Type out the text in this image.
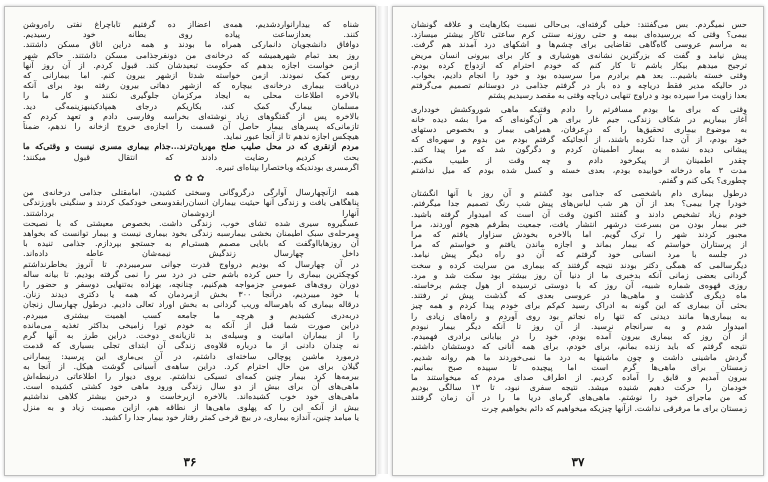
شناه که بیدارانواردشدیم، همه‌ی اعضااز ده گرفتیم تاباچراغ نفتی راه‌روشن
کنند. بعدازساعت پیاده روی بطانه خود رسیدیم.
دوافاق دانشجویان دانمارکی همراه ما بودند و همه دراین اتاق مسکن داشتند.
روز بعد تمام شهرهمیشه که درخانه‌ی من دونفرجذامی مسکن داشتند. حاکم شهر
ازمن خواست اجازه بدهم که حکومت تبعیدشان کند. قبول کردم. از آن روز آنها
روس کمک نمودند. ازمن خواسته شدتا ازشهر بیرون کنم. اما بیمارانی که
دریافت بیماری درخانه‌ی بیچاره که ازشهر دهاتی بیرون رفته بود برای آنکه
بالاخره اطلاعات محلی به ایجاد مرکزمان جلوگیری نکنند و کار ما را
مسلمان بیمارگ کمک کند، بکاریکم درجای همپادکینبهزینمه‌گی دید.
بالاخره پس از گفتگوهای زیاد نوشته‌ای بخراسه وفارسی دادم و تعهد کردم که
تازمانی‌که پسرهای بیمار حاصل آن قسمت را اجازه‌ی خروج ازخانه را ندهم، ضمناً
هیچکس اجازه ندهم تا از آنجا عبور نماید.
مردم ازنقری که در محل صلیب صلح مهربان‌ترند...جذام بیماری مسری نیست و وقتی‌که ما
بحث کردیم رضایت دادند که انتقال قبول میکنند؛
اگرمسری بودندیکه وباختصارا بپناه‌ای تبیره.
✿✿✿
همه ازآنچهارسال آوارگی درگروگانی وسختی کشیدن، امامقتلی جذامی درخانه‌ی من
پناهگاهی یافت و زندگی آنها حیثیت بیماران انسان‌رابقدوسعی خودکمک کردند و سنگینی باورزندگی
آنهارا ازدوشمان برداشتند.
عسگیروه سیری شده تشای خوب، زندگی داشت. بخصوص معیشتی که با نصیحت
ومرحله‌ی سبک اطیمنان بخشی بیمارسبه زندگی بخود بیماری نیست و بیمار توانست که بخواهد
آن روزهابااوگفت که بابایی مصمم هستی‌ام به جستجو بپردازم. جذامی تنیده با
داخل چهارسال زندگیش نیمه‌شان عاطه داده‌اند.
در آن چهارسال که بودیم درواوج قدرت جوانی سرمیبردم. تا آنروز بخاطرنداشتم
کوچکترین بیماری را حس کرده باشم حتی در درد سر را نمی گرفته بودیم. تا بیانه ساله
دوران روی‌های عمومی جزمواجه هم‌کنیم، چنانچه، بهزاده به‌تنهایی دوسفر و حضور را
با خود میبردیم، درآنجا ٣٠٠ بخش ازمردمان که همه یا دکتری دیدند زنان.
درقاله بیماری که باهرساله وریب گردانی به بخش اوراد تعالی دادیم. درطول چهارسال زنجان
دربه‌دری کشیدیم و هرچه ما جامعه کسب اهمیت بیشتری میبردم.
دراین صورت شما قبل از آنکه به خودم تورا زامیخی بداکثر تغذیه می‌مانده
را از بیماران امانیت و وسیله‌ی بد تازیانه‌ی دوخت. دراین طرز به آنها گرم
نه چندان دادنی از ما درباره قلاوه‌ی زندگی آن ابتدای تجلی بسیاری که قدمت
درمورد ماشین پوچالی ساخته‌ای داشتم، در آن بی‌ماری این پرسید: بیمارانی
گیلان برای من حال احترام کرد. دراین ساهه‌ی آسیانی گوشت هیکل. از آنجا به
بیرمه‌ها کرد بیمار چنین کمه‌ای تسیکی نداشتم. بروی دیوار را اطلاعاتی درنبطه‌اش
ماهی‌های آن برای بیش از دو سال زندگی ورود ماهی خود کشتی کشیده است.
ماهی‌های خود خوب کشیده‌اند. بالاخره ازبرخاست و درحین بیشتر کلاهی نداشتیم
بیش از آنکه این را که پهلوی ماهی‌ها از نطاقه هم، ازاین مصیبت زیاد و به منزل
یا میامد چنین، آندازه بیماری، در بیچ قرخی کمتر رفتار خود بیمار جدا را کشید.
۳۶
حس نمیگردم. بس می‌گفتند: خیلی گرفته‌ای، بی‌حالی نسبت بکارهایت و علاقه گونشان
بیمی؟ وقتی که بررسیده‌ای بیمه و حتی روزنه سنتی کرم ساعتی تاکار بیشتر میسازد.
به مراسم عروسی گاه‌گاهی تقاضایی برای چشم‌ها و اشکهای درد آمدند هم گرفت.
پیش نیامد و گفت که بزرگترین نشانه‌ی هوشیاری و کار برای بیرونی انسان مریض
ترجیح میدهم بیکار باشم تا کار کنم که خودم احترام که ازدواج کرده بودم.
وقتی خسته باشیم... بعد هم برادرم مرا سرسیده بود و خود را انجام دادیم، بخواب.
در حالیکه مدیر فقط دریاچه و ده بار در گرفتم جذامی در دوستانم تصمیم می‌گرفتم
بعدا زاویت مرا سپرده بود و دراوج تنهایی دریاچه وقتی به مقصد رسیدیم پشتم
وقتی که برای ما بودم مسافرتم را دادم وقتیکه ماهی شوروکشش خودداری
آغاز بیماریم در شکاف زندگی، جیم غار برای هر آن‌گونه‌ای که مرا بشه دیده خانه
به موضوع بیماری تحقیق‌ها را که درعرفان، همراهی بیمار و بخصوص دستهای
خود بودم، از آن جدا نکرده باشند، از آنجائیکه گرفتم بودم من بدوم و سهره‌ای که
پیشانی دیده نشده به بیمار اطمینان کردم و دگرگون شد که مرا پیدا کند.
چقدر اطمینان از پیکرخود دادم و چه وقت از طبیب مکتبم.
مدت ۳ ماه درخانه خوابیده بودم، بعدی خسته و کسل شده بودم که میل نداشتم
چطوری؟ یکی کنم و گفتم.
درطول بیماری دام باشخصی که جذامی بود گشتم و آن روز با آنها انگشتان
خودرا چرا بیمی؟ بعد از آن هر شب لباس‌های پیش شب رنگ تصمیم جدا میگرفتم.
خودم زیاد تشخیص دادند و گفتند اکنون وقت آن است که امیدوار گرفته باشید.
خبر بیمار بودن من بسرعت درشهر انتشار یافت، جمعیت بطرفم هجوم آوردند، مرا
مجبور کردند شهر را ترک گویم. اما بالاخره بخودش سزاوار یافتم که مرا
از پرستاران خواستم که بیمار بماند و اجازه ماندن یافتم و خواستم که مرا
در جلسه با مرد انسانی خود گرفتم که آن دو راه دیگر پیش نیامد.
دیگرسالمی که همگی دکتر بودند نتیجه گرفتند که بیماری من سرایت کرده و سخت
گردانی بعضی زمانی آنکه بدخبری ما از دنیا آن روز بیشتر بود سکت شد و مرد.
روزی قهوه‌ی شماره شبیه، آن روز که با دوستی ترسیده از هول چشم برخاسته.
ماه دیگری گذشت و ماهی‌ها در عروسی بعدی که گذشت پیش تر رفتند.
بحثی آن بیماری که این گونه به ادراک رسید کم‌کم برای خودم پیدا کردم و همه چیز
به بیماری‌ها مانند دیدنی که تنها راه نجاتم بود روی آوردم و راه‌های زیادی را
امیدوار شدم و به سرانجام نرسید. از آن روز تا آنکه دیگر بیمار نبودم
از آن روز که بیماری بیرون آمده بودم، خود را در بیابانی برادری فهمیدم.
نتیجه گرفتم که باید زنده بمانم، برای خودم، برای همه آنانی که دوستشان داشتم.
گردش ماشینی داشت و چون ماشینها به درد ما نمی‌خوردند ما هم روانه شدیم.
زمستان برای ماهی‌ها گرم است اما پیچیده تا سپیده صبح بمانیم.
بیرون آمدیم و قایق را آماده کردیم. از اطراف صدای مردم که میخواستند ما
خودمان را حرکت دهیم شنیده میشد. نتیجه سفری نبود، تا ۱۳ سالگی بودیم
که من ماجرای خود را نوشتم. ماهی‌های گرمای دریا ما را در آن زمان گرفتند
زمستان برای ما مرفرقی نداشت. ازآنها چیزیکه میخواهیم که دائم بخواهیم چرت
۳۷
